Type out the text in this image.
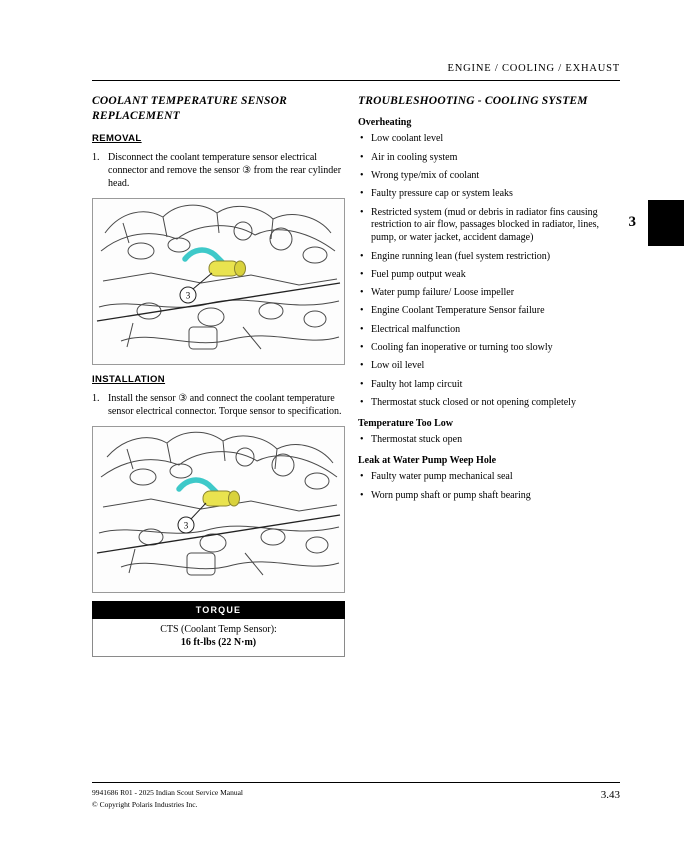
ENGINE / COOLING / EXHAUST
3
COOLANT TEMPERATURE SENSOR REPLACEMENT
REMOVAL
1. Disconnect the coolant temperature sensor electrical connector and remove the sensor ③ from the rear cylinder head.
3
INSTALLATION
1. Install the sensor ③ and connect the coolant temperature sensor electrical connector. Torque sensor to specification.
3
TORQUE
CTS (Coolant Temp Sensor):
16 ft-lbs (22 N·m)
TROUBLESHOOTING - COOLING SYSTEM
Overheating
• Low coolant level
• Air in cooling system
• Wrong type/mix of coolant
• Faulty pressure cap or system leaks
• Restricted system (mud or debris in radiator fins causing restriction to air flow, passages blocked in radiator, lines, pump, or water jacket, accident damage)
• Engine running lean (fuel system restriction)
• Fuel pump output weak
• Water pump failure/ Loose impeller
• Engine Coolant Temperature Sensor failure
• Electrical malfunction
• Cooling fan inoperative or turning too slowly
• Low oil level
• Faulty hot lamp circuit
• Thermostat stuck closed or not opening completely
Temperature Too Low
• Thermostat stuck open
Leak at Water Pump Weep Hole
• Faulty water pump mechanical seal
• Worn pump shaft or pump shaft bearing
9941686 R01 - 2025 Indian Scout Service Manual
© Copyright Polaris Industries Inc.
3.43
